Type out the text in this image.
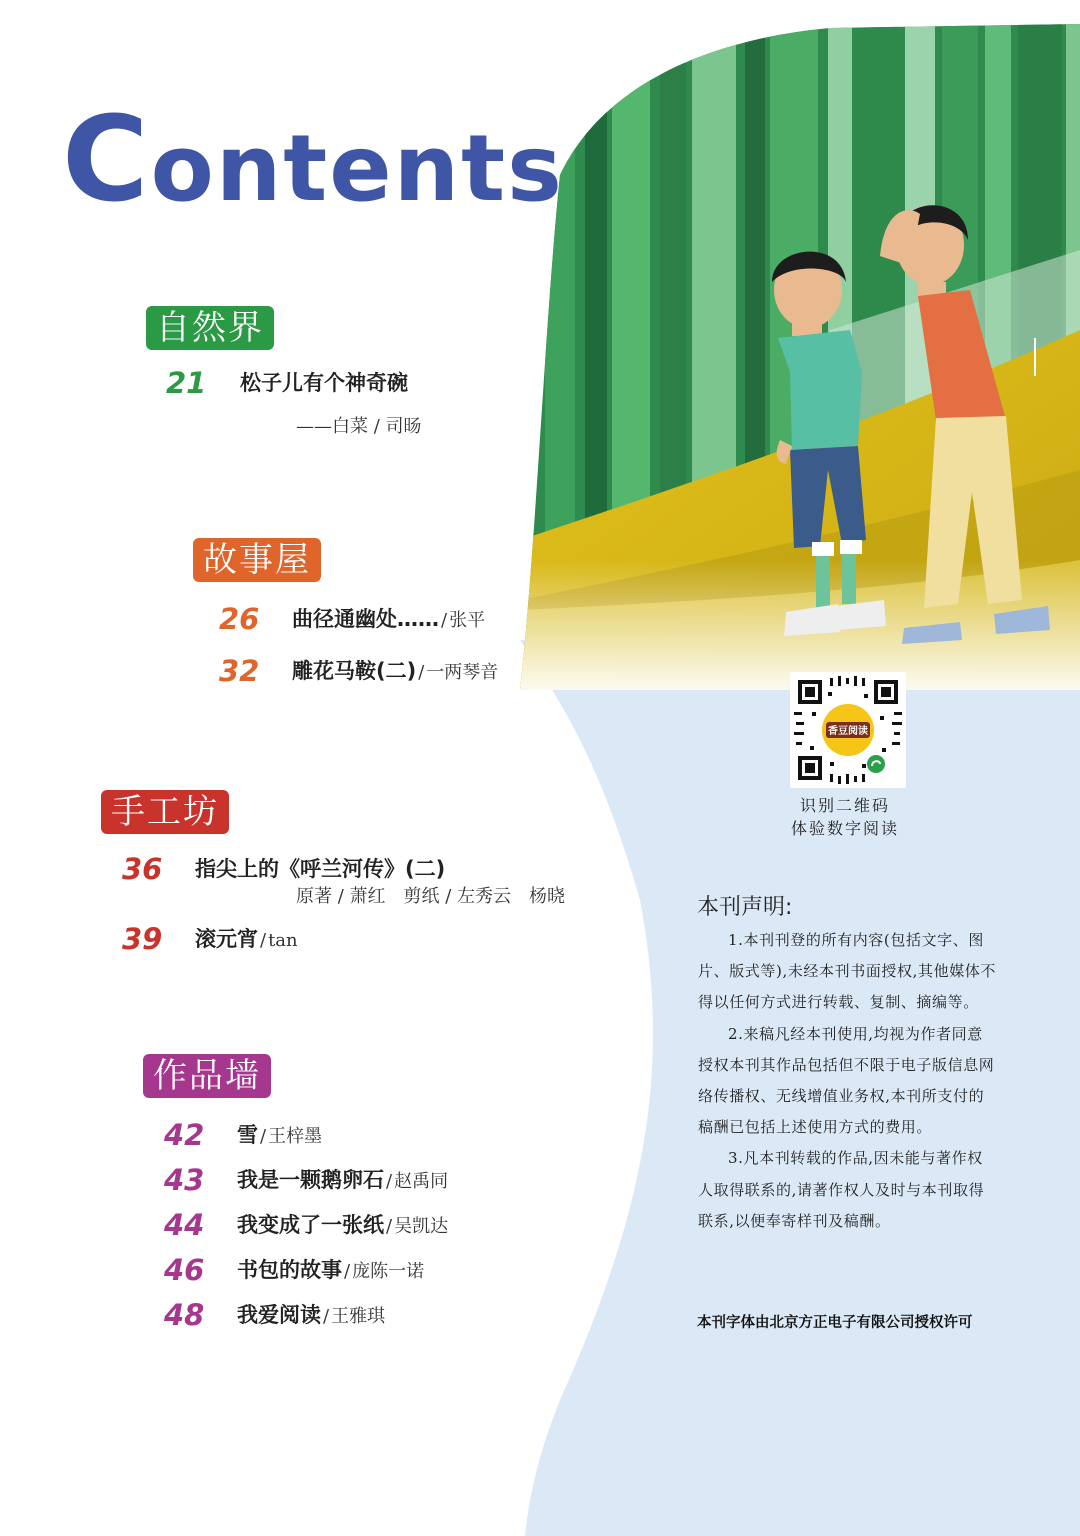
Contents
自然界
21 松子儿有个神奇碗
——白菜 / 司旸
故事屋
26 曲径通幽处…… / 张平
32 雕花马鞍(二) / 一两琴音
手工坊
36 指尖上的《呼兰河传》(二)
原著 / 萧红　剪纸 / 左秀云　杨晓
39 滚元宵 / tan
作品墙
42 雪 / 王梓墨
43 我是一颗鹅卵石 / 赵禹同
44 我变成了一张纸 / 吴凯达
46 书包的故事 / 庞陈一诺
48 我爱阅读 / 王雅琪
香豆阅读
识别二维码
体验数字阅读
本刊声明:

1.本刊刊登的所有内容(包括文字、图片、版式等),未经本刊书面授权,其他媒体不得以任何方式进行转载、复制、摘编等。

2.来稿凡经本刊使用,均视为作者同意授权本刊其作品包括但不限于电子版信息网络传播权、无线增值业务权,本刊所支付的稿酬已包括上述使用方式的费用。

3.凡本刊转载的作品,因未能与著作权人取得联系的,请著作权人及时与本刊取得联系,以便奉寄样刊及稿酬。

本刊字体由北京方正电子有限公司授权许可
